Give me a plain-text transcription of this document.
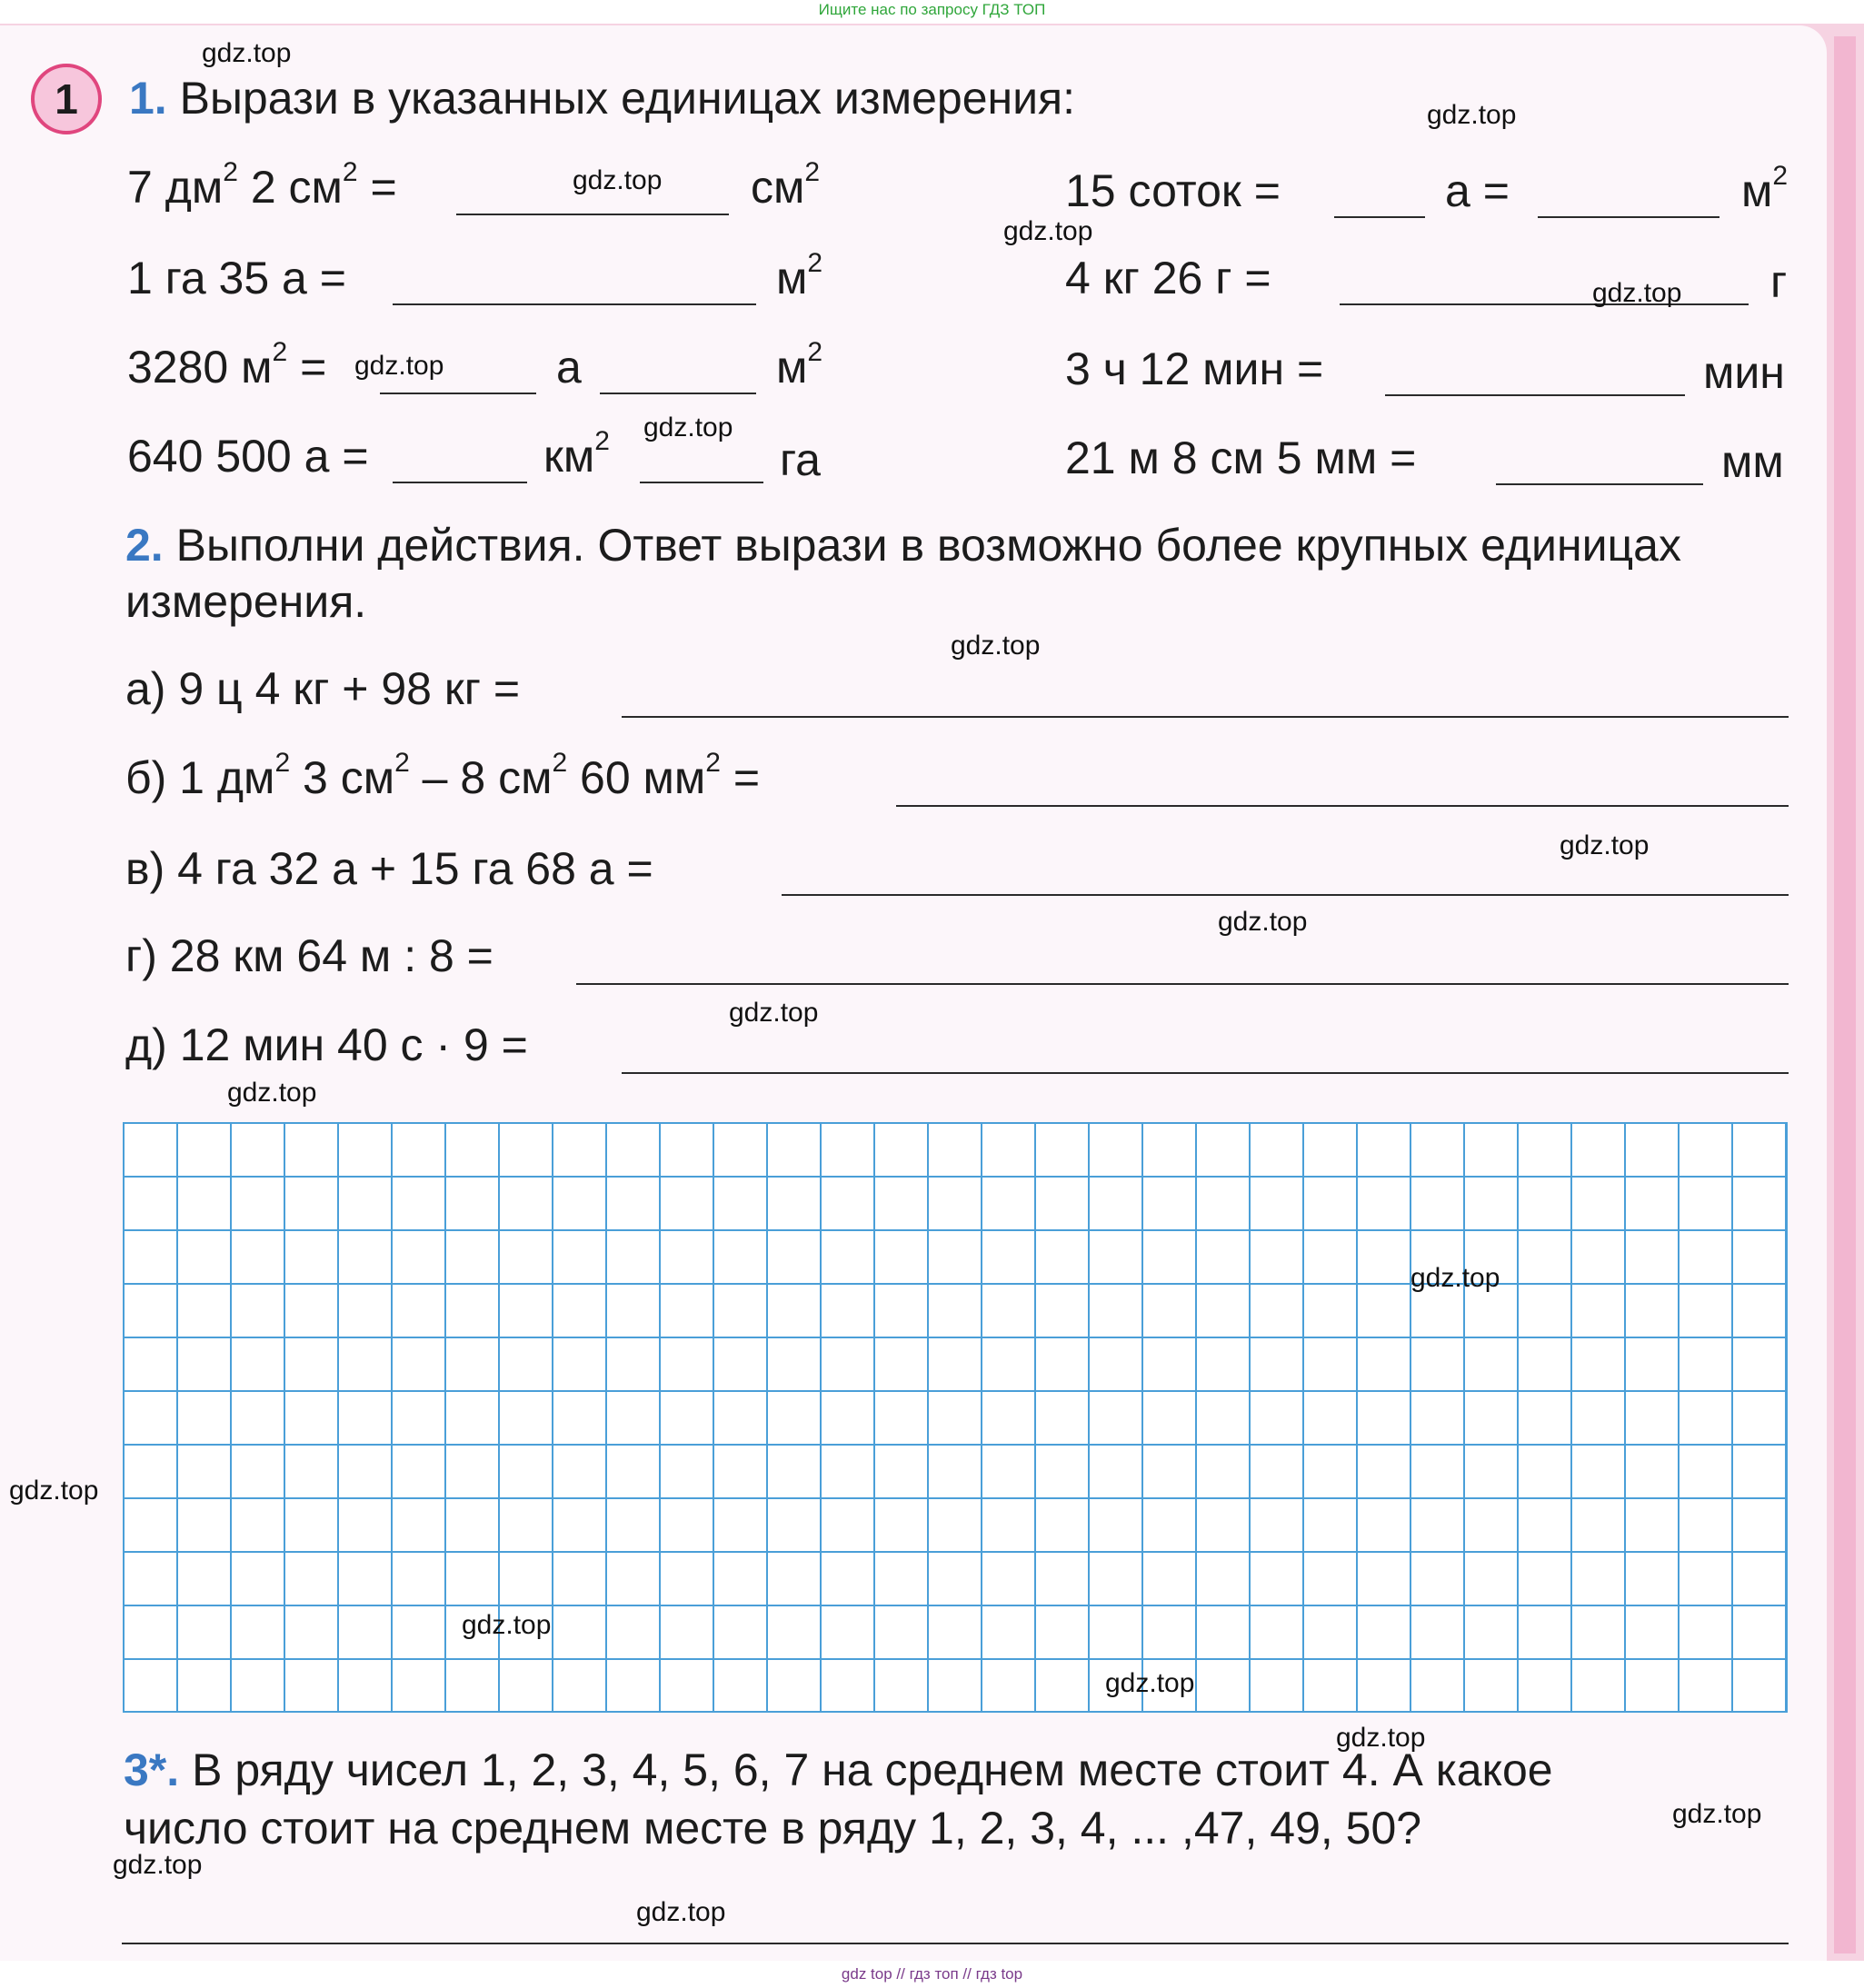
Ищите нас по запросу ГДЗ ТОП
1	1. Вырази в указанных единицах измерения:
7 $дм^2$ 2 $см^2$ =	$см^2$	15 соток =	а =	$м^2$
1 га 35 а =	$м^2$	4 кг 26 г =	г
3280 $м^2$ =	а	$м^2$	3 ч 12 мин =	мин
640 500 а =	$км^2$	га	21 м 8 см 5 мм =	мм
2. Выполни действия. Ответ вырази в возможно более крупных единицах
измерения.
а) 9 ц 4 кг + 98 кг =
б) 1 $дм^2$ 3 $см^2 - 8$ $см^2$ 60 $мм^2$ =
в) 4 га 32 а + 15 га 68 а =
г) 28 км 64 м : 8 =
д) 12 мин 40 с · 9 =
3*. В ряду чисел 1, 2, 3, 4, 5, 6, 7 на среднем месте стоит 4. А какое
число стоит на среднем месте в ряду 1, 2, 3, 4, ... ,47, 49, 50?
gdz.top
gdz.top
gdz.top
gdz.top
gdz.top
gdz.top
gdz.top
gdz.top
gdz.top
gdz.top
gdz.top
gdz.top
gdz.top
gdz.top
gdz.top
gdz.top
gdz.top
gdz.top
gdz.top
gdz.top
gdz top // гдз топ // гдз top
